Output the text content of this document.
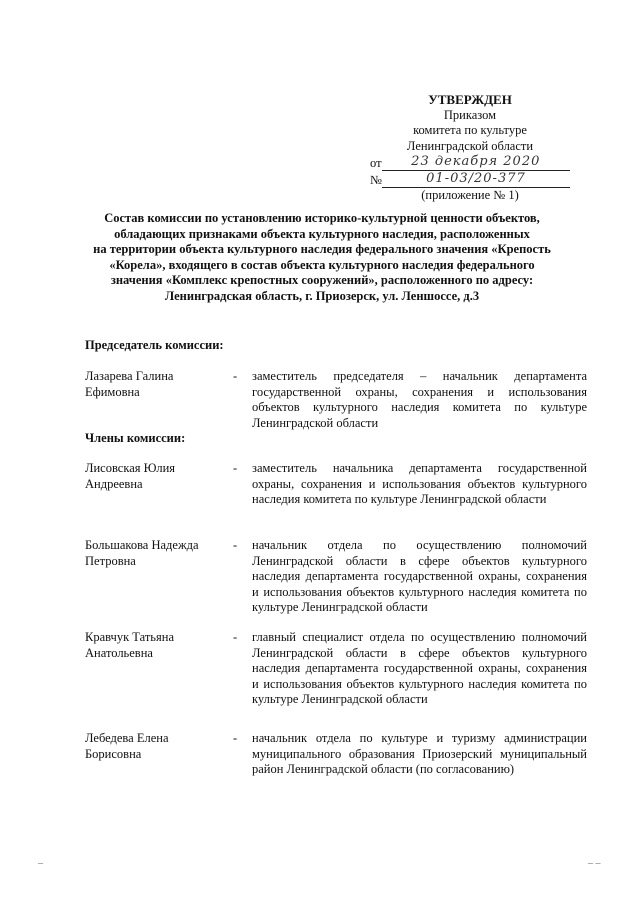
УТВЕРЖДЕН
Приказом
комитета по культуре
Ленинградской области
от	23 декабря 2020
№	01-03/20-377
(приложение № 1)
Состав комиссии по установлению историко-культурной ценности объектов,
обладающих признаками объекта культурного наследия, расположенных
на территории объекта культурного наследия федерального значения «Крепость
«Корела», входящего в состав объекта культурного наследия федерального
значения «Комплекс крепостных сооружений», расположенного по адресу:
Ленинградская область, г. Приозерск, ул. Леншоссе, д.3
Председатель комиссии:
Лазарева Галина
Ефимовна
- заместитель председателя – начальник департамента государственной охраны, сохранения и использования объектов культурного наследия комитета по культуре Ленинградской области
Члены комиссии:
Лисовская Юлия
Андреевна
- заместитель начальника департамента государственной охраны, сохранения и использования объектов культурного наследия комитета по культуре Ленинградской области
Большакова Надежда
Петровна
- начальник отдела по осуществлению полномочий Ленинградской области в сфере объектов культурного наследия департамента государственной охраны, сохранения и использования объектов культурного наследия комитета по культуре Ленинградской области
Кравчук Татьяна
Анатольевна
- главный специалист отдела по осуществлению полномочий Ленинградской области в сфере объектов культурного наследия департамента государственной охраны, сохранения и использования объектов культурного наследия комитета по культуре Ленинградской области
Лебедева Елена
Борисовна
- начальник отдела по культуре и туризму администрации муниципального образования Приозерский муниципальный район Ленинградской области (по согласованию)
–	– –
